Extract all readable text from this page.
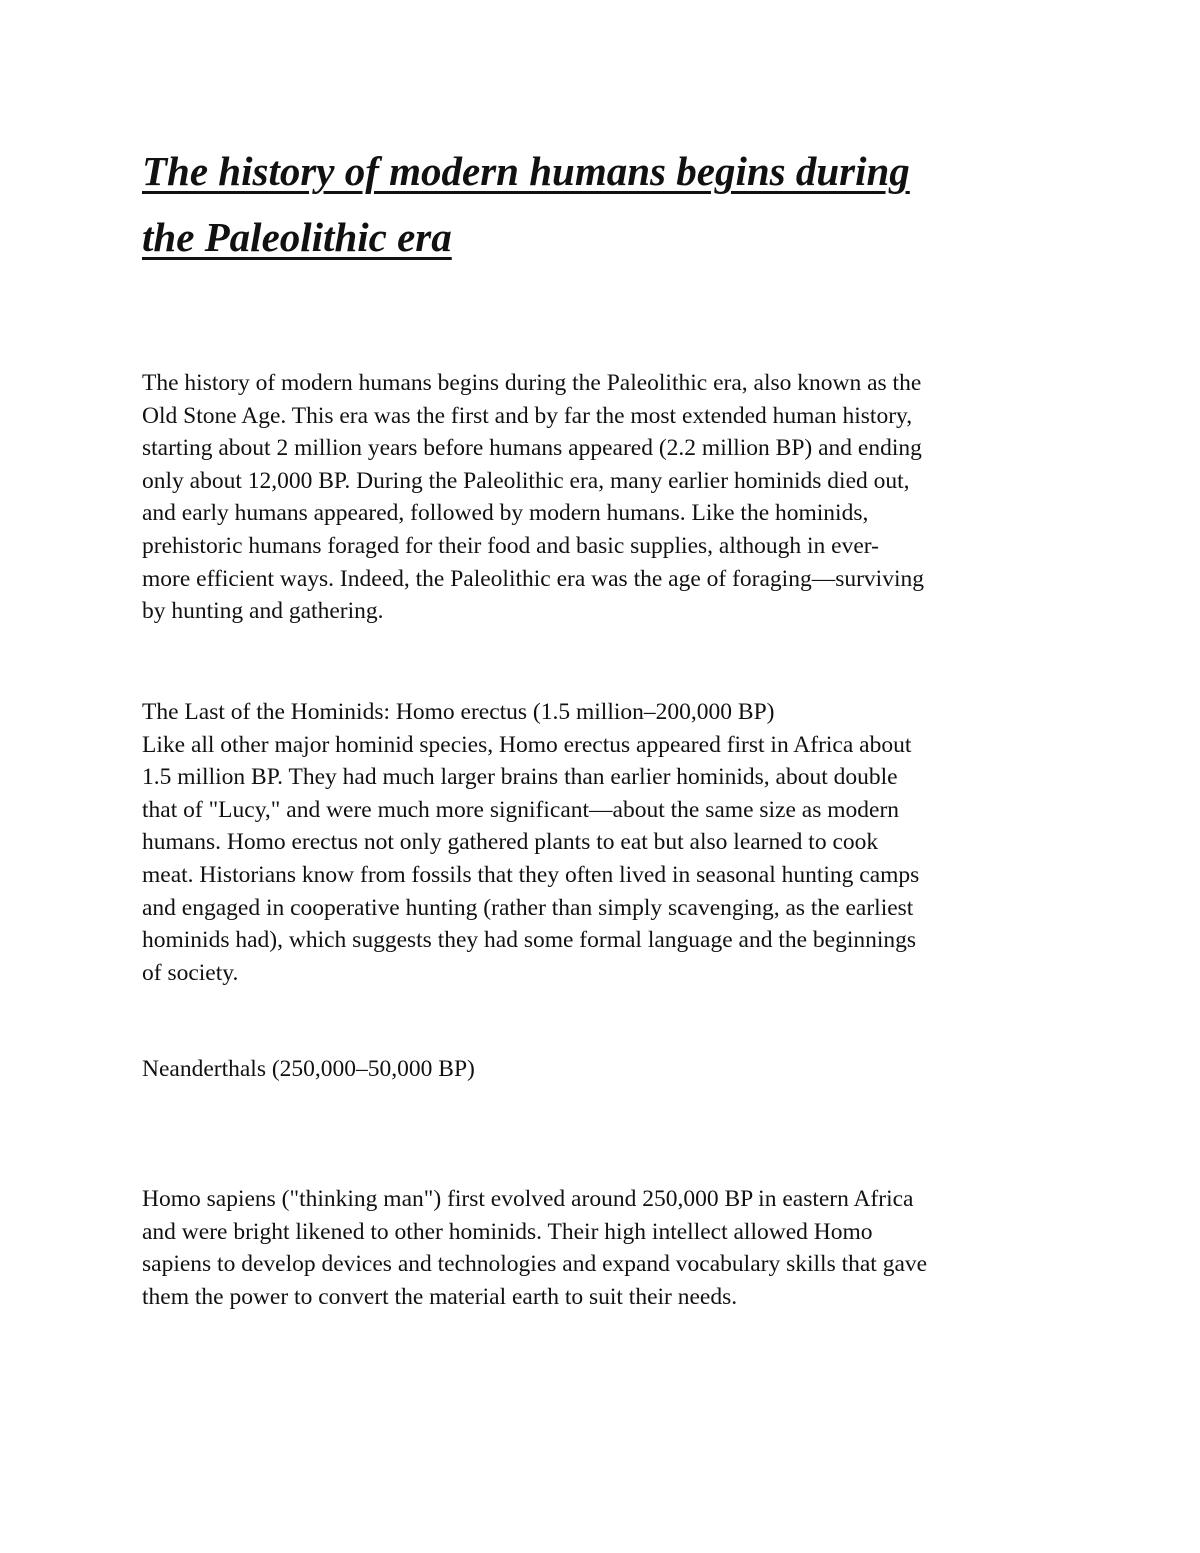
The history of modern humans begins during
the Paleolithic era

The history of modern humans begins during the Paleolithic era, also known as the
Old Stone Age. This era was the first and by far the most extended human history,
starting about 2 million years before humans appeared (2.2 million BP) and ending
only about 12,000 BP. During the Paleolithic era, many earlier hominids died out,
and early humans appeared, followed by modern humans. Like the hominids,
prehistoric humans foraged for their food and basic supplies, although in ever-
more efficient ways. Indeed, the Paleolithic era was the age of foraging—surviving
by hunting and gathering.

The Last of the Hominids: Homo erectus (1.5 million–200,000 BP)
Like all other major hominid species, Homo erectus appeared first in Africa about
1.5 million BP. They had much larger brains than earlier hominids, about double
that of "Lucy," and were much more significant—about the same size as modern
humans. Homo erectus not only gathered plants to eat but also learned to cook
meat. Historians know from fossils that they often lived in seasonal hunting camps
and engaged in cooperative hunting (rather than simply scavenging, as the earliest
hominids had), which suggests they had some formal language and the beginnings
of society.

Neanderthals (250,000–50,000 BP)

Homo sapiens ("thinking man") first evolved around 250,000 BP in eastern Africa
and were bright likened to other hominids. Their high intellect allowed Homo
sapiens to develop devices and technologies and expand vocabulary skills that gave
them the power to convert the material earth to suit their needs.
